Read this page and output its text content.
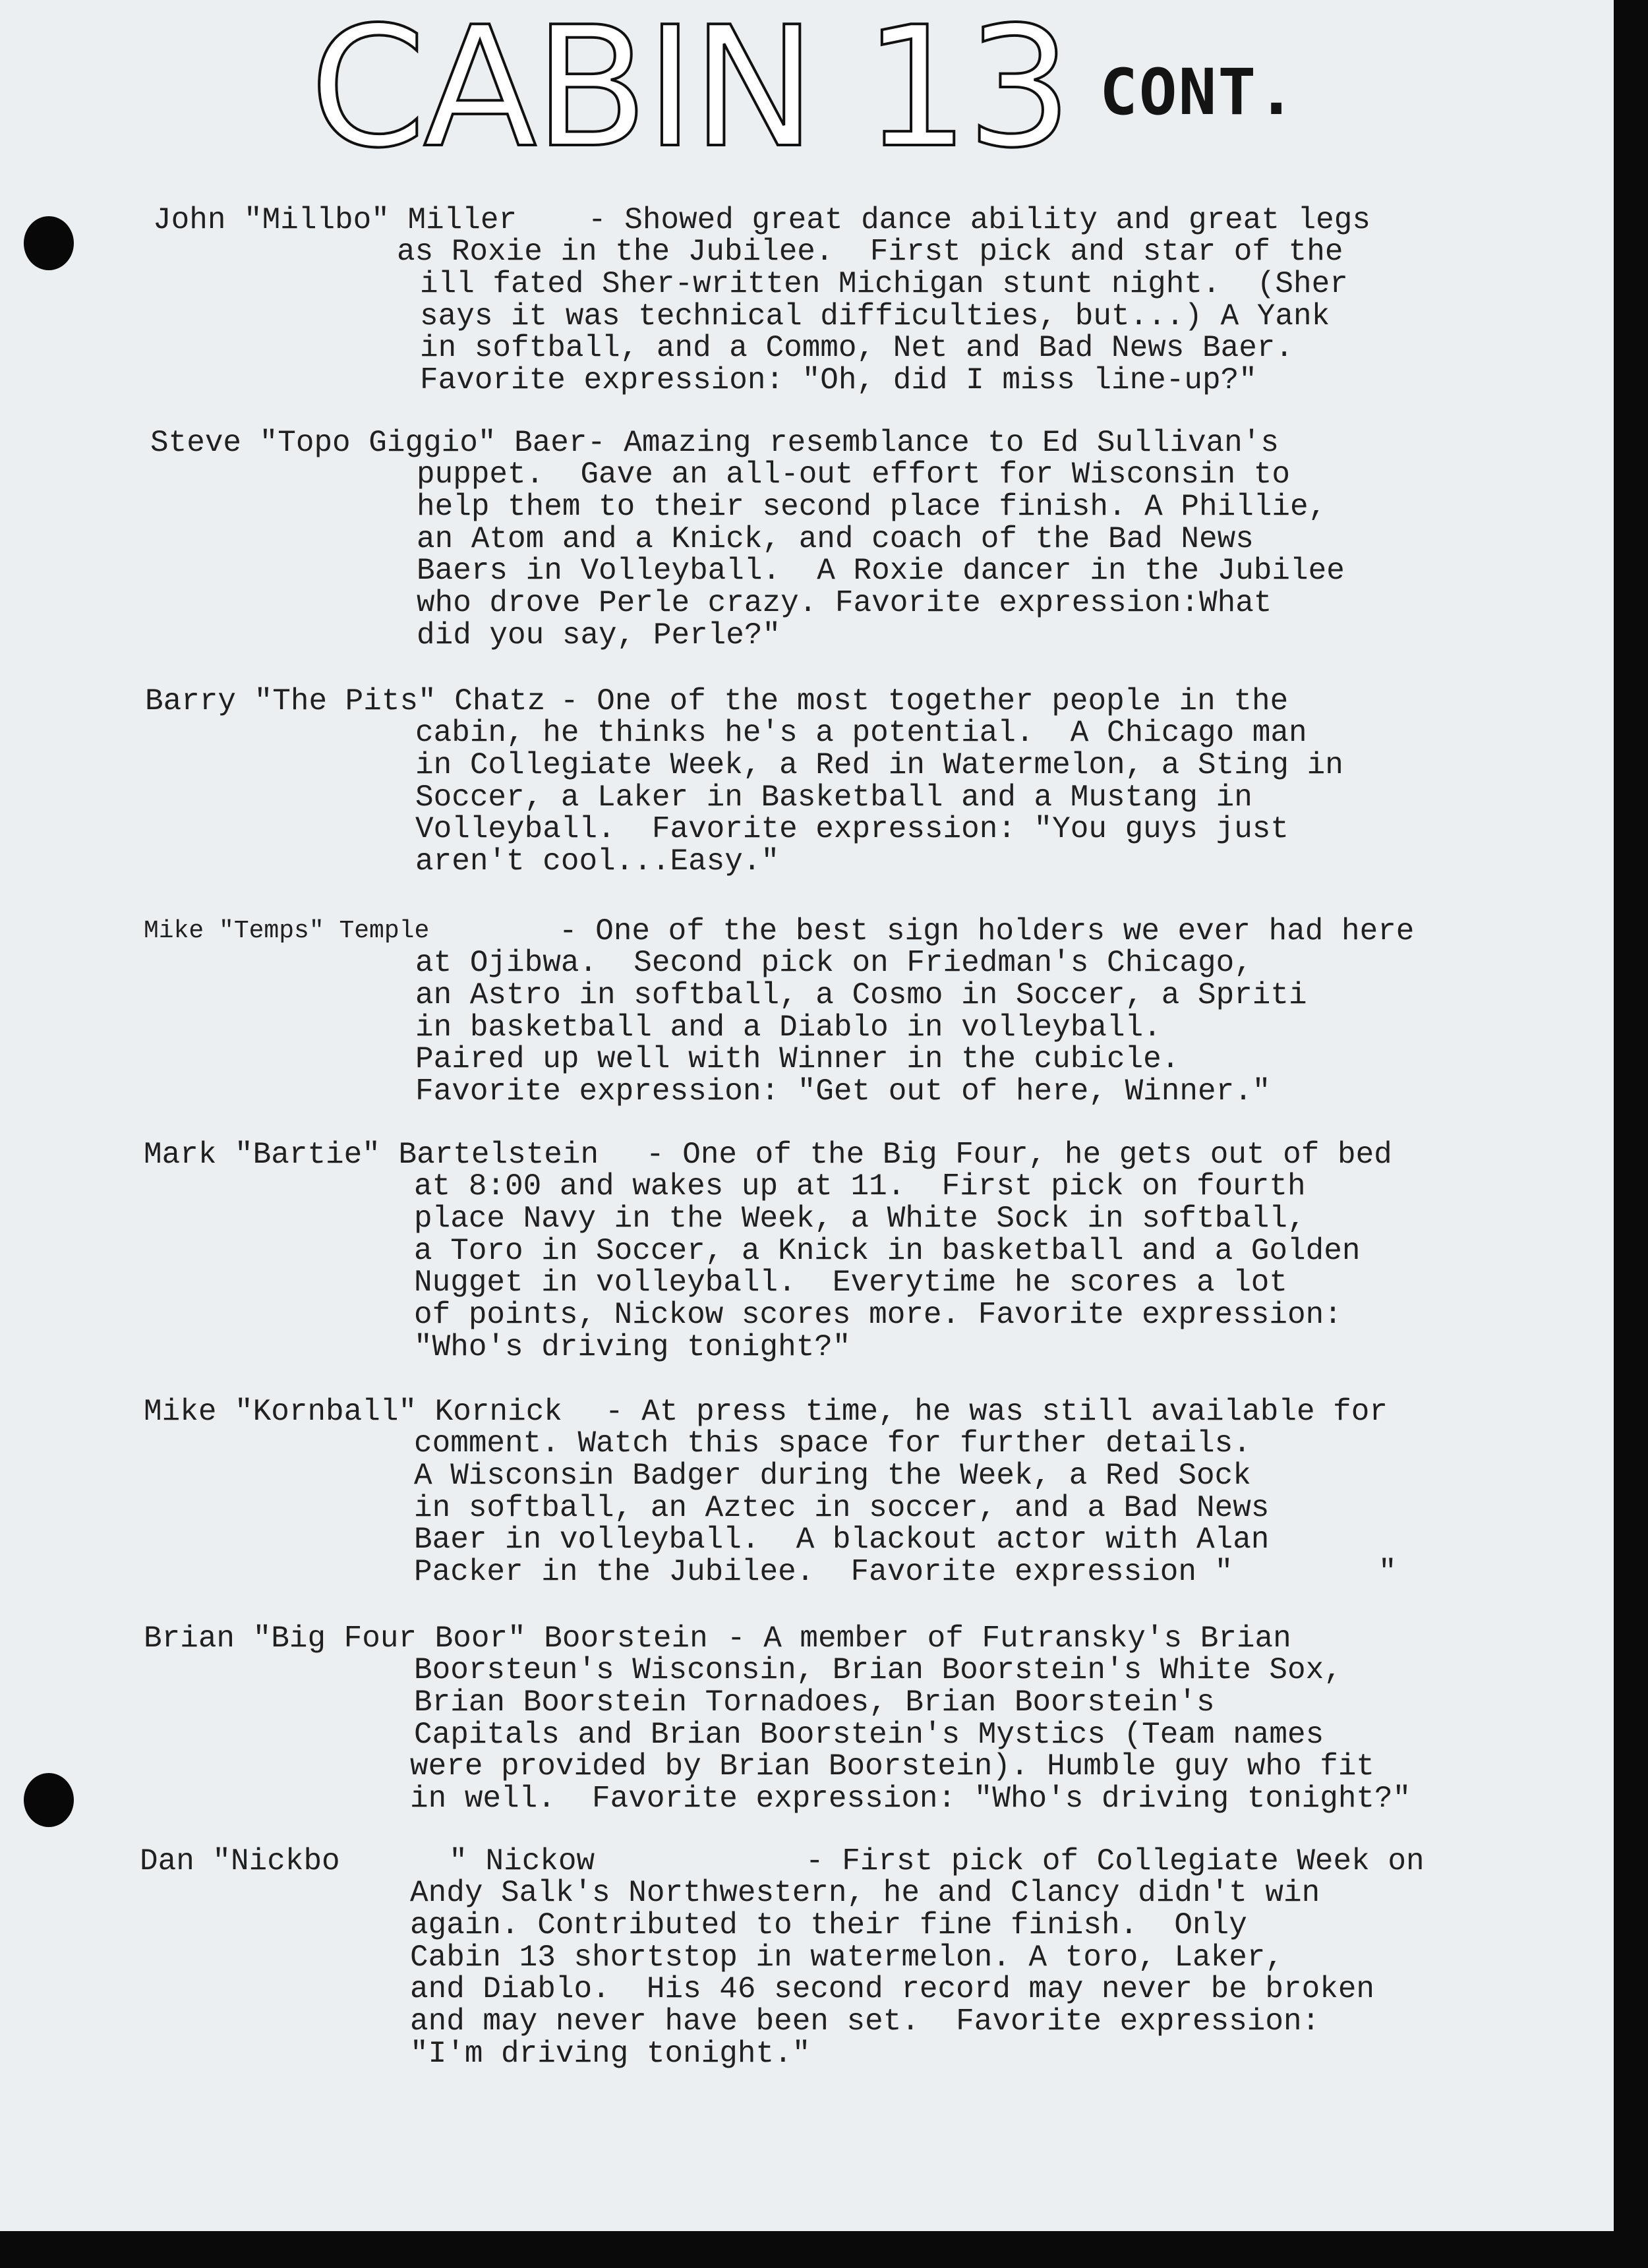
CABIN 13 CONT.
John "Millbo" Miller - Showed great dance ability and great legs
as Roxie in the Jubilee.  First pick and star of the
ill fated Sher-written Michigan stunt night.  (Sher
says it was technical difficulties, but...) A Yank
in softball, and a Commo, Net and Bad News Baer.
Favorite expression: "Oh, did I miss line-up?"
Steve "Topo Giggio" Baer - Amazing resemblance to Ed Sullivan's
puppet.  Gave an all-out effort for Wisconsin to
help them to their second place finish. A Phillie,
an Atom and a Knick, and coach of the Bad News
Baers in Volleyball.  A Roxie dancer in the Jubilee
who drove Perle crazy. Favorite expression:What
did you say, Perle?"
Barry "The Pits" Chatz - One of the most together people in the
cabin, he thinks he's a potential.  A Chicago man
in Collegiate Week, a Red in Watermelon, a Sting in
Soccer, a Laker in Basketball and a Mustang in
Volleyball.  Favorite expression: "You guys just
aren't cool...Easy."
Mike "Temps" Temple	- One of the best sign holders we ever had here
at Ojibwa.  Second pick on Friedman's Chicago,
an Astro in softball, a Cosmo in Soccer, a Spriti
in basketball and a Diablo in volleyball.
Paired up well with Winner in the cubicle.
Favorite expression: "Get out of here, Winner."
Mark "Bartie" Bartelstein - One of the Big Four, he gets out of bed
at 8:00 and wakes up at 11.  First pick on fourth
place Navy in the Week, a White Sock in softball,
a Toro in Soccer, a Knick in basketball and a Golden
Nugget in volleyball.  Everytime he scores a lot
of points, Nickow scores more. Favorite expression:
"Who's driving tonight?"
Mike "Kornball" Kornick - At press time, he was still available for
comment. Watch this space for further details.
A Wisconsin Badger during the Week, a Red Sock
in softball, an Aztec in soccer, and a Bad News
Baer in volleyball.  A blackout actor with Alan
Packer in the Jubilee.  Favorite expression "        "
Brian "Big Four Boor" Boorstein - A member of Futransky's Brian
Boorsteun's Wisconsin, Brian Boorstein's White Sox,
Brian Boorstein Tornadoes, Brian Boorstein's
Capitals and Brian Boorstein's Mystics (Team names
were provided by Brian Boorstein). Humble guy who fit
in well.  Favorite expression: "Who's driving tonight?"
Dan "Nickbo      " Nickow	- First pick of Collegiate Week on
Andy Salk's Northwestern, he and Clancy didn't win
again. Contributed to their fine finish.  Only
Cabin 13 shortstop in watermelon. A toro, Laker,
and Diablo.  His 46 second record may never be broken
and may never have been set.  Favorite expression:
"I'm driving tonight."
